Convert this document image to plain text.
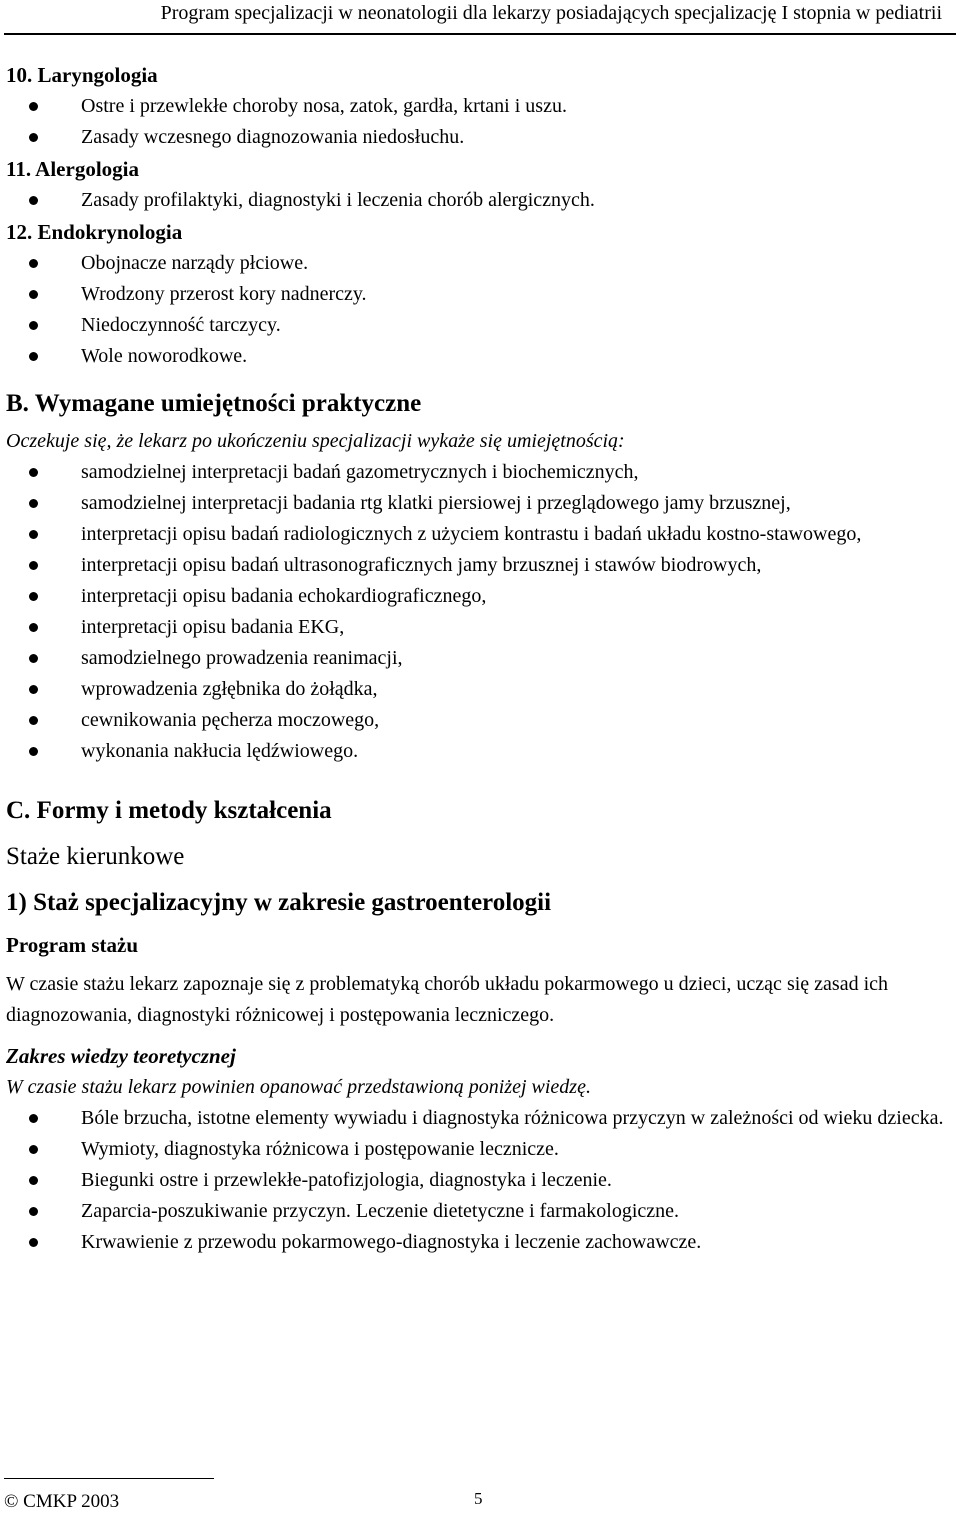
Program specjalizacji w neonatologii dla lekarzy posiadających specjalizację I stopnia w pediatrii
10. Laryngologia
Ostre i przewlekłe choroby nosa, zatok, gardła, krtani i uszu.
Zasady wczesnego diagnozowania niedosłuchu.
11. Alergologia
Zasady profilaktyki, diagnostyki i leczenia chorób alergicznych.
12. Endokrynologia
Obojnacze narządy płciowe.
Wrodzony przerost kory nadnerczy.
Niedoczynność tarczycy.
Wole noworodkowe.
B. Wymagane umiejętności praktyczne
Oczekuje się, że lekarz po ukończeniu specjalizacji wykaże się umiejętnością:
samodzielnej interpretacji badań gazometrycznych i biochemicznych,
samodzielnej interpretacji badania rtg klatki piersiowej i przeglądowego jamy brzusznej,
interpretacji opisu badań radiologicznych z użyciem kontrastu i badań układu kostno-stawowego,
interpretacji opisu badań ultrasonograficznych jamy brzusznej i stawów biodrowych,
interpretacji opisu badania echokardiograficznego,
interpretacji opisu badania EKG,
samodzielnego prowadzenia reanimacji,
wprowadzenia zgłębnika do żołądka,
cewnikowania pęcherza moczowego,
wykonania nakłucia lędźwiowego.
C. Formy i metody kształcenia
Staże kierunkowe
1) Staż specjalizacyjny w zakresie gastroenterologii
Program stażu
W czasie stażu lekarz zapoznaje się z problematyką chorób układu pokarmowego u dzieci, ucząc się zasad ich diagnozowania, diagnostyki różnicowej i postępowania leczniczego.
Zakres wiedzy teoretycznej
W czasie stażu lekarz powinien opanować przedstawioną poniżej wiedzę.
Bóle brzucha, istotne elementy wywiadu i diagnostyka różnicowa przyczyn w zależności od wieku dziecka.
Wymioty, diagnostyka różnicowa i postępowanie lecznicze.
Biegunki ostre i przewlekłe-patofizjologia, diagnostyka i leczenie.
Zaparcia-poszukiwanie przyczyn. Leczenie dietetyczne i farmakologiczne.
Krwawienie z przewodu pokarmowego-diagnostyka i leczenie zachowawcze.
© CMKP 2003	5
